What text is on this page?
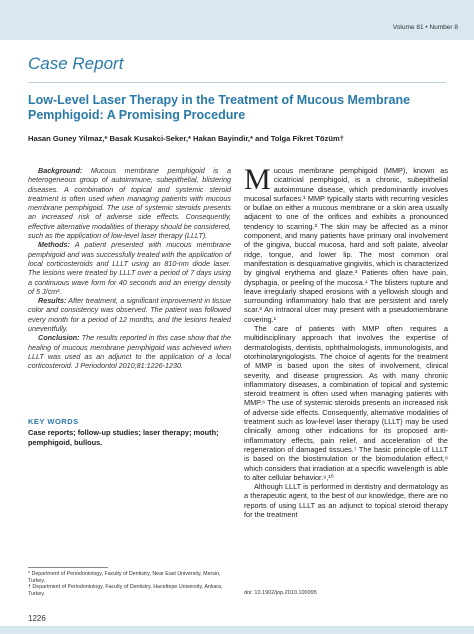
Volume 81 • Number 8
Case Report
Low-Level Laser Therapy in the Treatment of Mucous Membrane Pemphigoid: A Promising Procedure
Hasan Guney Yilmaz,* Basak Kusakci-Seker,* Hakan Bayindir,* and Tolga Fikret Tözüm†

Background: Mucous membrane pemphigoid is a heterogeneous group of autoimmune, subepithelial, blistering diseases. A combination of topical and systemic steroid treatment is often used when managing patients with mucous membrane pemphigoid. The use of systemic steroids presents an increased risk of adverse side effects. Consequently, effective alternative modalities of therapy should be considered, such as the application of low-level laser therapy (LLLT).

Methods: A patient presented with mucous membrane pemphigoid and was successfully treated with the application of local corticosteroids and LLLT using an 810-nm diode laser. The lesions were treated by LLLT over a period of 7 days using a continuous wave form for 40 seconds and an energy density of 5 J/cm².

Results: After treatment, a significant improvement in tissue color and consistency was observed. The patient was followed every month for a period of 12 months, and the lesions healed uneventfully.

Conclusion: The results reported in this case show that the healing of mucous membrane pemphigoid was achieved when LLLT was used as an adjunct to the application of a local corticosteroid. J Periodontol 2010;81:1226-1230.

KEY WORDS
Case reports; follow-up studies; laser therapy; mouth; pemphigoid, bullous.

Mucous membrane pemphigoid (MMP), known as cicatricial pemphigoid, is a chronic, subepithelial autoimmune disease, which predominantly involves mucosal surfaces.¹ MMP typically starts with recurring vesicles or bullae on either a mucous membrane or a skin area usually adjacent to one of the orifices and exhibits a pronounced tendency to scarring.² The skin may be affected as a minor component, and many patients have primary oral involvement of the gingiva, buccal mucosa, hard and soft palate, alveolar ridge, tongue, and lower lip. The most common oral manifestation is desquamative gingivitis, which is characterized by gingival erythema and glaze.³ Patients often have pain, dysphagia, or peeling of the mucosa.⁴ The blisters rupture and leave irregularly shaped erosions with a yellowish slough and surrounding inflammatory halo that are persistent and rarely scar.³ An intraoral ulcer may present with a pseudomembrane covering.¹

The care of patients with MMP often requires a multidisciplinary approach that involves the expertise of dermatologists, dentists, ophthalmologists, immunologists, and otorhinolaryngologists. The choice of agents for the treatment of MMP is based upon the sites of involvement, clinical severity, and disease progression. As with many chronic inflammatory diseases, a combination of topical and systemic steroid treatment is often used when managing patients with MMP.⁶ The use of systemic steroids presents an increased risk of adverse side effects. Consequently, alternative modalities of treatment such as low-level laser therapy (LLLT) may be used clinically among other indications for its proposed anti-inflammatory effects, pain relief, and acceleration of the regeneration of damaged tissues.⁷ The basic principle of LLLT is based on the biostimulation or the biomodulation effect,⁸ which considers that irradiation at a specific wavelength is able to alter cellular behavior.⁹,¹⁰

Although LLLT is performed in dentistry and dermatology as a therapeutic agent, to the best of our knowledge, there are no reports of using LLLT as an adjunct to topical steroid therapy for the treatment

* Department of Periodontology, Faculty of Dentistry, Near East University, Mersin, Turkey.
† Department of Periodontology, Faculty of Dentistry, Hacettepe University, Ankara, Turkey.	doi: 10.1902/jop.2010.100095
1226
